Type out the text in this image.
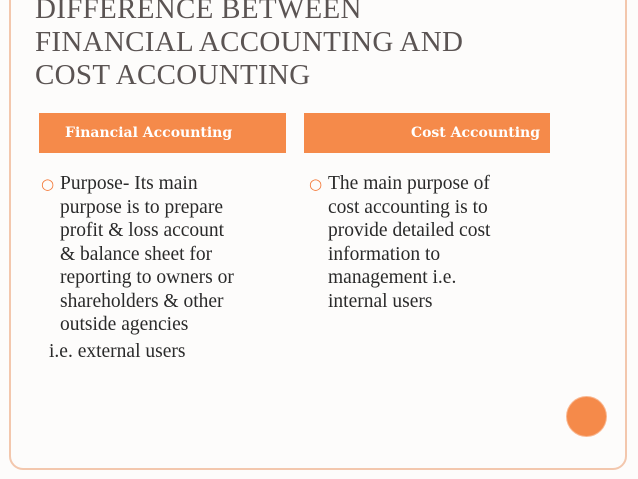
DIFFERENCE BETWEEN
FINANCIAL ACCOUNTING AND
COST ACCOUNTING
Financial Accounting	Cost Accounting
○ Purpose- Its main
purpose is to prepare
profit & loss account
& balance sheet for
reporting to owners or
shareholders & other
outside agencies
i.e. external users
○ The main purpose of
cost accounting is to
provide detailed cost
information to
management i.e.
internal users
